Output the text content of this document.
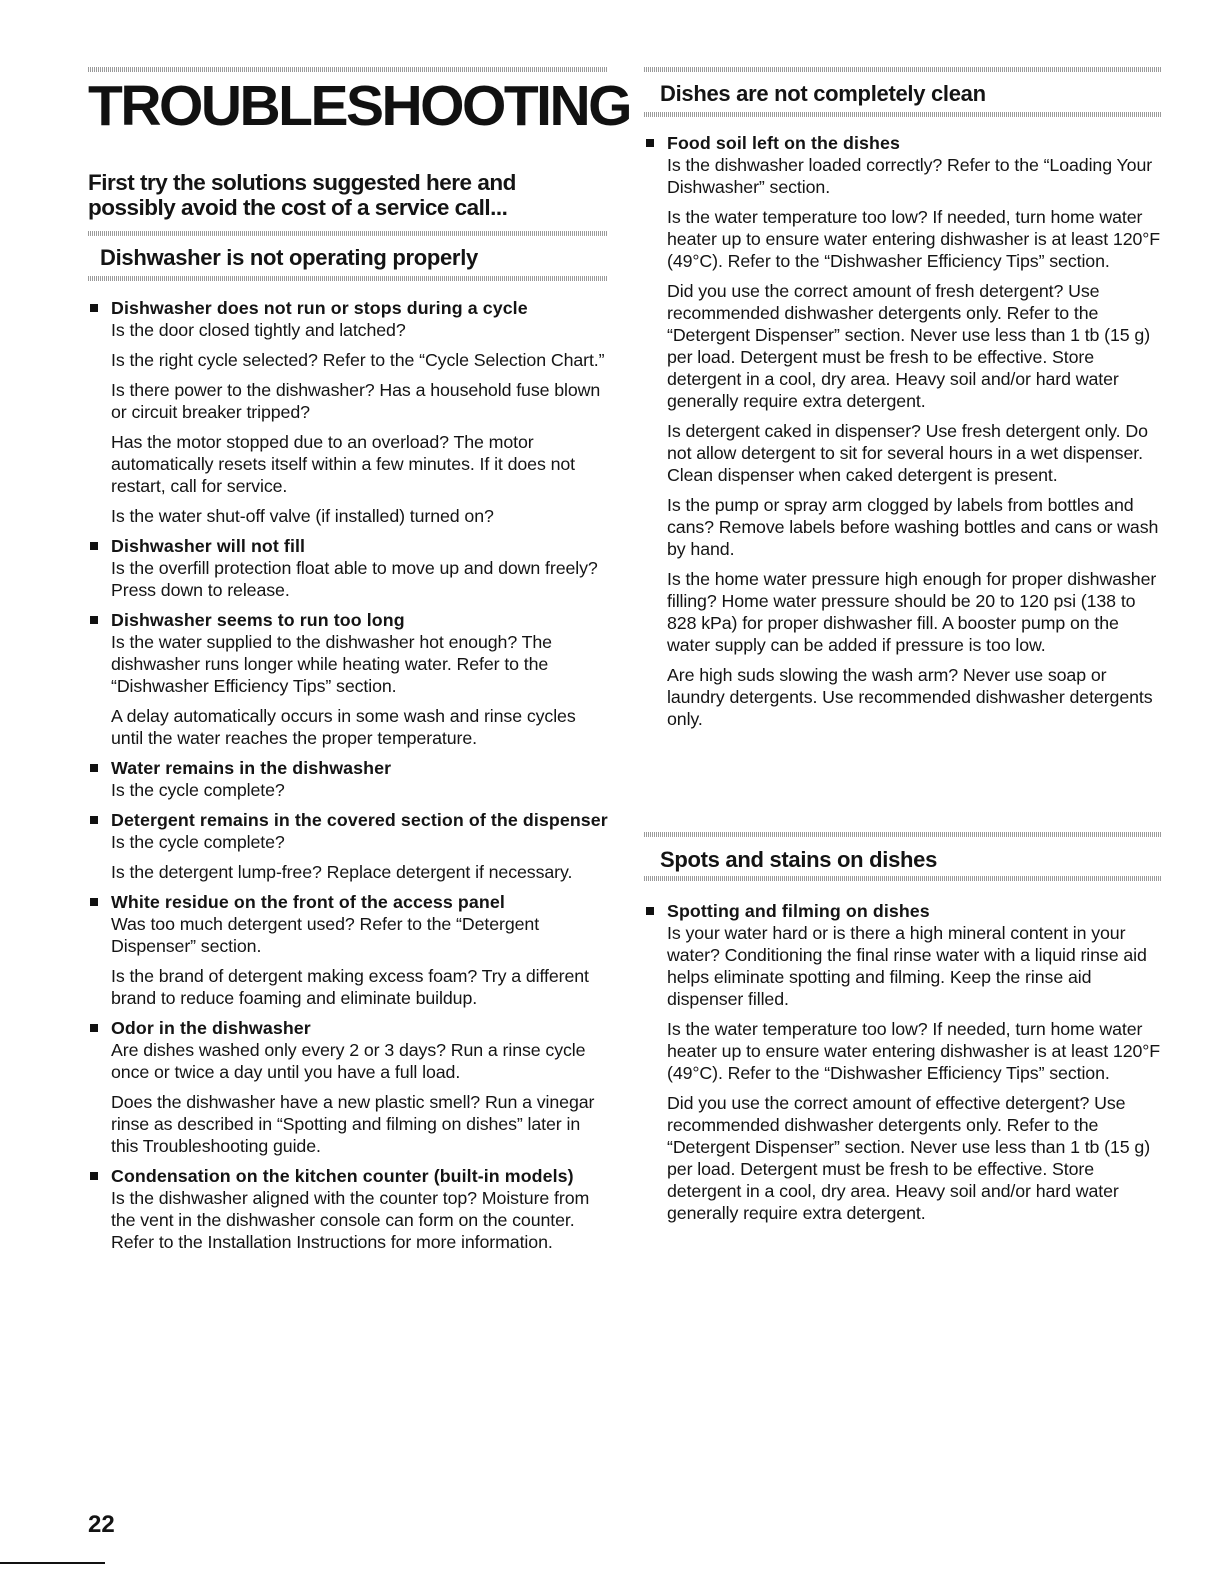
TROUBLESHOOTING

First try the solutions suggested here and possibly avoid the cost of a service call...

Dishwasher is not operating properly

Dishwasher does not run or stops during a cycle

Is the door closed tightly and latched?

Is the right cycle selected? Refer to the “Cycle Selection Chart.”

Is there power to the dishwasher? Has a household fuse blown or circuit breaker tripped?

Has the motor stopped due to an overload? The motor automatically resets itself within a few minutes. If it does not restart, call for service.

Is the water shut-off valve (if installed) turned on?

Dishwasher will not fill

Is the overfill protection float able to move up and down freely? Press down to release.

Dishwasher seems to run too long

Is the water supplied to the dishwasher hot enough? The dishwasher runs longer while heating water. Refer to the “Dishwasher Efficiency Tips” section.

A delay automatically occurs in some wash and rinse cycles until the water reaches the proper temperature.

Water remains in the dishwasher

Is the cycle complete?

Detergent remains in the covered section of the dispenser

Is the cycle complete?

Is the detergent lump-free? Replace detergent if necessary.

White residue on the front of the access panel

Was too much detergent used? Refer to the “Detergent Dispenser” section.

Is the brand of detergent making excess foam? Try a different brand to reduce foaming and eliminate buildup.

Odor in the dishwasher

Are dishes washed only every 2 or 3 days? Run a rinse cycle once or twice a day until you have a full load.

Does the dishwasher have a new plastic smell? Run a vinegar rinse as described in “Spotting and filming on dishes” later in this Troubleshooting guide.

Condensation on the kitchen counter (built-in models)

Is the dishwasher aligned with the counter top? Moisture from the vent in the dishwasher console can form on the counter. Refer to the Installation Instructions for more information.

Dishes are not completely clean

Food soil left on the dishes

Is the dishwasher loaded correctly? Refer to the “Loading Your Dishwasher” section.

Is the water temperature too low? If needed, turn home water heater up to ensure water entering dishwasher is at least 120°F (49°C). Refer to the “Dishwasher Efficiency Tips” section.

Did you use the correct amount of fresh detergent? Use recommended dishwasher detergents only. Refer to the “Detergent Dispenser” section. Never use less than 1 tb (15 g) per load. Detergent must be fresh to be effective. Store detergent in a cool, dry area. Heavy soil and/or hard water generally require extra detergent.

Is detergent caked in dispenser? Use fresh detergent only. Do not allow detergent to sit for several hours in a wet dispenser. Clean dispenser when caked detergent is present.

Is the pump or spray arm clogged by labels from bottles and cans? Remove labels before washing bottles and cans or wash by hand.

Is the home water pressure high enough for proper dishwasher filling? Home water pressure should be 20 to 120 psi (138 to 828 kPa) for proper dishwasher fill. A booster pump on the water supply can be added if pressure is too low.

Are high suds slowing the wash arm? Never use soap or laundry detergents. Use recommended dishwasher detergents only.

Spots and stains on dishes

Spotting and filming on dishes

Is your water hard or is there a high mineral content in your water? Conditioning the final rinse water with a liquid rinse aid helps eliminate spotting and filming. Keep the rinse aid dispenser filled.

Is the water temperature too low? If needed, turn home water heater up to ensure water entering dishwasher is at least 120°F (49°C). Refer to the “Dishwasher Efficiency Tips” section.

Did you use the correct amount of effective detergent? Use recommended dishwasher detergents only. Refer to the “Detergent Dispenser” section. Never use less than 1 tb (15 g) per load. Detergent must be fresh to be effective. Store detergent in a cool, dry area. Heavy soil and/or hard water generally require extra detergent.

22
